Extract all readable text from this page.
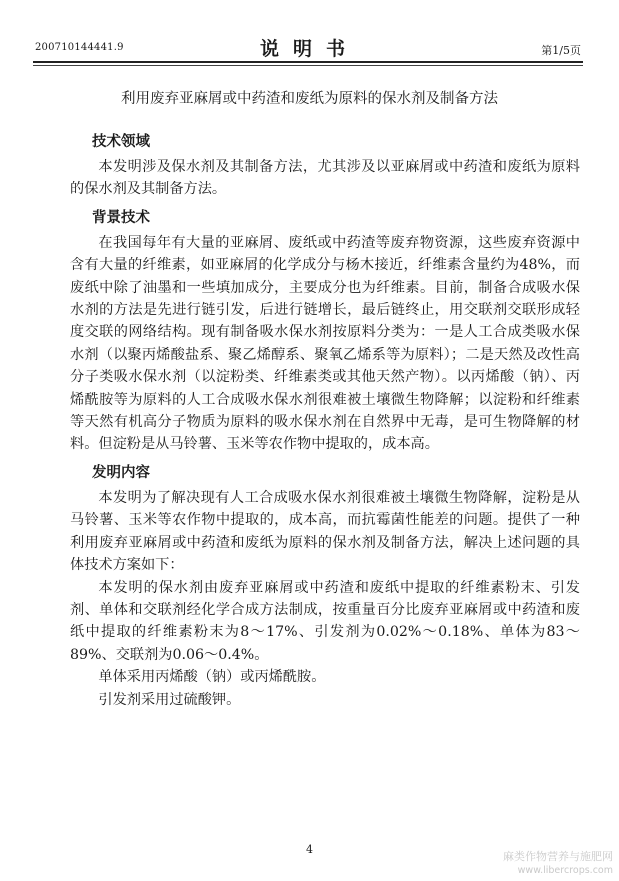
200710144441.9	说明书	第1/5页
利用废弃亚麻屑或中药渣和废纸为原料的保水剂及制备方法
技术领域

本发明涉及保水剂及其制备方法，尤其涉及以亚麻屑或中药渣和废纸为原料的保水剂及其制备方法。

背景技术

在我国每年有大量的亚麻屑、废纸或中药渣等废弃物资源，这些废弃资源中含有大量的纤维素，如亚麻屑的化学成分与杨木接近，纤维素含量约为48%，而废纸中除了油墨和一些填加成分，主要成分也为纤维素。目前，制备合成吸水保水剂的方法是先进行链引发，后进行链增长，最后链终止，用交联剂交联形成轻度交联的网络结构。现有制备吸水保水剂按原料分类为：一是人工合成类吸水保水剂（以聚丙烯酸盐系、聚乙烯醇系、聚氧乙烯系等为原料）；二是天然及改性高分子类吸水保水剂（以淀粉类、纤维素类或其他天然产物）。以丙烯酸（钠）、丙烯酰胺等为原料的人工合成吸水保水剂很难被土壤微生物降解；以淀粉和纤维素等天然有机高分子物质为原料的吸水保水剂在自然界中无毒，是可生物降解的材料。但淀粉是从马铃薯、玉米等农作物中提取的，成本高。

发明内容

本发明为了解决现有人工合成吸水保水剂很难被土壤微生物降解，淀粉是从马铃薯、玉米等农作物中提取的，成本高，而抗霉菌性能差的问题。提供了一种利用废弃亚麻屑或中药渣和废纸为原料的保水剂及制备方法，解决上述问题的具体技术方案如下：

本发明的保水剂由废弃亚麻屑或中药渣和废纸中提取的纤维素粉末、引发剂、单体和交联剂经化学合成方法制成，按重量百分比废弃亚麻屑或中药渣和废纸中提取的纤维素粉末为8～17%、引发剂为0.02%～0.18%、单体为83～89%、交联剂为0.06～0.4%。

单体采用丙烯酸（钠）或丙烯酰胺。

引发剂采用过硫酸钾。

4
麻类作物营养与施肥网
www.libercrops.com
